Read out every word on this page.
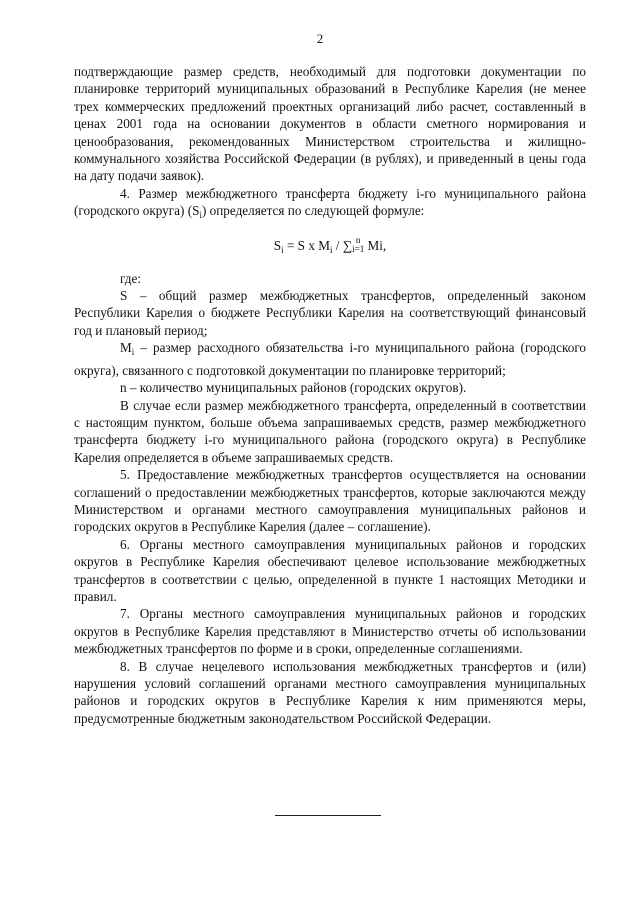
2

подтверждающие размер средств, необходимый для подготовки документации по планировке территорий муниципальных образований в Республике Карелия (не менее трех коммерческих предложений проектных организаций либо расчет, составленный в ценах 2001 года на основании документов в области сметного нормирования и ценообразования, рекомендованных Министерством строительства и жилищно-коммунального хозяйства Российской Федерации (в рублях), и приведенный в цены года на дату подачи заявок).

4. Размер межбюджетного трансферта бюджету i-го муниципального района (городского округа) $(S_i)$ определяется по следующей формуле:

$S_i = S$ x $M_i$ / ∑ n
i=1 Mi,

где:

S – общий размер межбюджетных трансфертов, определенный законом Республики Карелия о бюджете Республики Карелия на соответствующий финансовый год и плановый период;

$M_i$ – размер расходного обязательства i-го муниципального района (городского округа), связанного с подготовкой документации по планировке территорий;

n – количество муниципальных районов (городских округов).

В случае если размер межбюджетного трансферта, определенный в соответствии с настоящим пунктом, больше объема запрашиваемых средств, размер межбюджетного трансферта бюджету i-го муниципального района (городского округа) в Республике Карелия определяется в объеме запрашиваемых средств.

5. Предоставление межбюджетных трансфертов осуществляется на основании соглашений о предоставлении межбюджетных трансфертов, которые заключаются между Министерством и органами местного самоуправления муниципальных районов и городских округов в Республике Карелия (далее – соглашение).

6. Органы местного самоуправления муниципальных районов и городских округов в Республике Карелия обеспечивают целевое использование межбюджетных трансфертов в соответствии с целью, определенной в пункте 1 настоящих Методики и правил.

7. Органы местного самоуправления муниципальных районов и городских округов в Республике Карелия представляют в Министерство отчеты об использовании межбюджетных трансфертов по форме и в сроки, определенные соглашениями.

8. В случае нецелевого использования межбюджетных трансфертов и (или) нарушения условий соглашений органами местного самоуправления муниципальных районов и городских округов в Республике Карелия к ним применяются меры, предусмотренные бюджетным законодательством Российской Федерации.
